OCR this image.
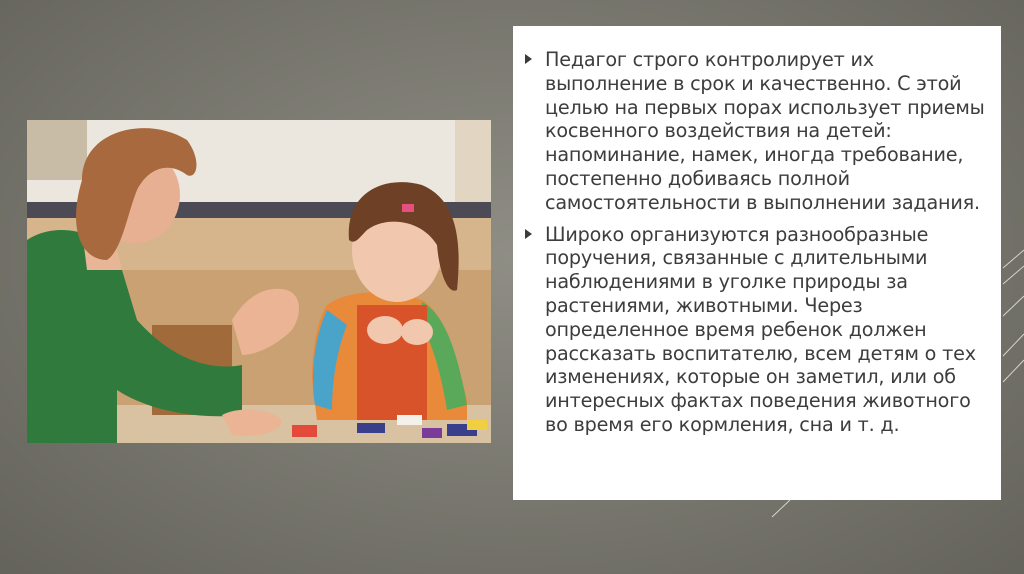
Педагог строго контролирует их выполнение в срок и качественно. С этой целью на первых порах использует приемы косвенного воздействия на детей: напоминание, намек, иногда требование, постепенно добиваясь полной самостоятельности в выполнении задания.
Широко организуются разнообразные поручения, связанные с длительными наблюдениями в уголке природы за растениями, животными. Через определенное время ребенок должен рассказать воспитателю, всем детям о тех изменениях, которые он заметил, или об интересных фактах поведения животного во время его кормления, сна и т. д.
